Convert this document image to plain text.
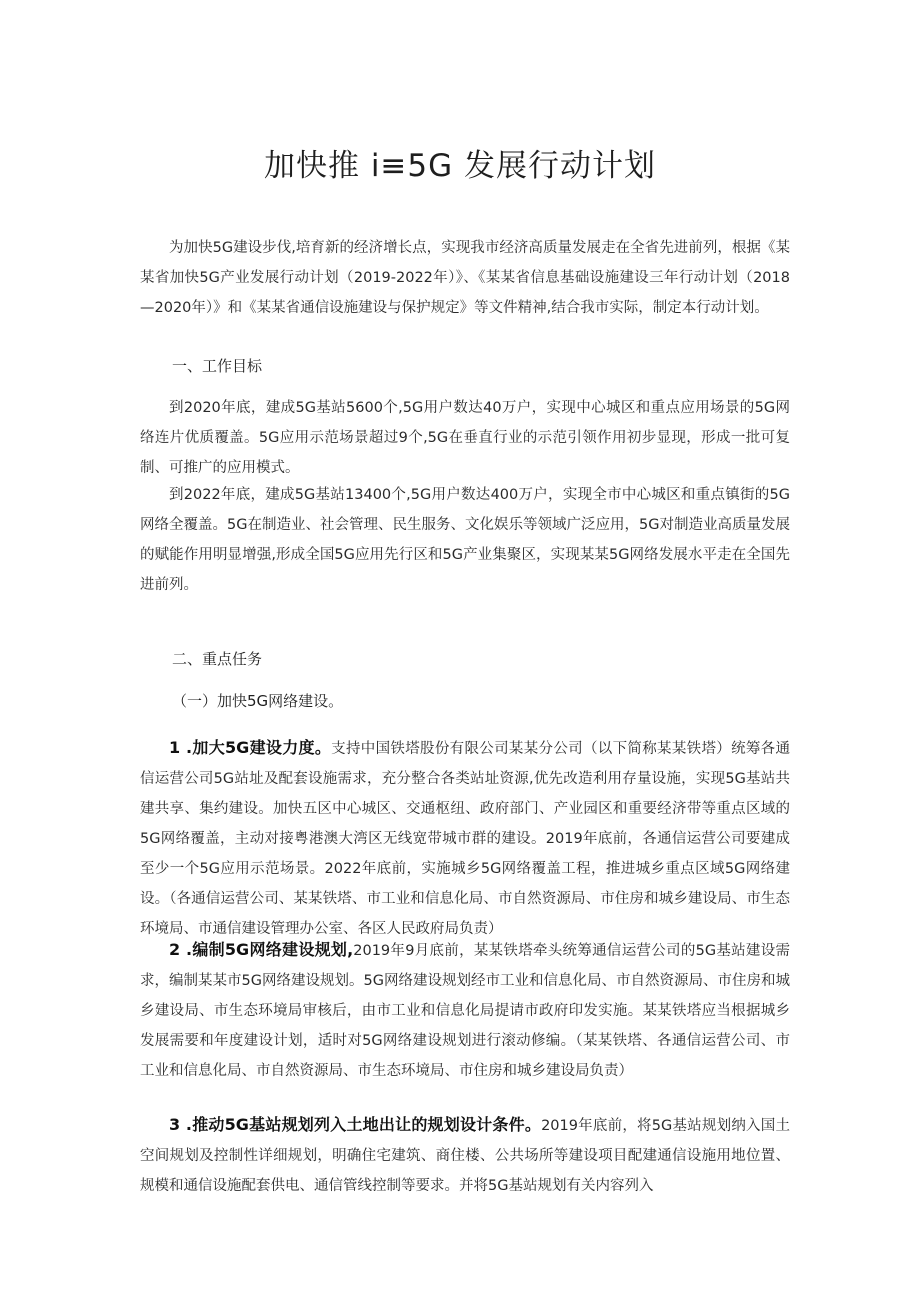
加快推 i≡5G 发展行动计划

为加快5G建设步伐,培育新的经济增长点，实现我市经济高质量发展走在全省先进前列，根据《某某省加快5G产业发展行动计划（2019-2022年）》、《某某省信息基础设施建设三年行动计划（2018—2020年）》和《某某省通信设施建设与保护规定》等文件精神,结合我市实际，制定本行动计划。

一、工作目标

到2020年底，建成5G基站5600个,5G用户数达40万户，实现中心城区和重点应用场景的5G网络连片优质覆盖。5G应用示范场景超过9个,5G在垂直行业的示范引领作用初步显现，形成一批可复制、可推广的应用模式。

到2022年底，建成5G基站13400个,5G用户数达400万户，实现全市中心城区和重点镇街的5G网络全覆盖。5G在制造业、社会管理、民生服务、文化娱乐等领域广泛应用，5G对制造业高质量发展的赋能作用明显增强,形成全国5G应用先行区和5G产业集聚区，实现某某5G网络发展水平走在全国先进前列。

二、重点任务

（一）加快5G网络建设。

1 .加大5G建设力度。支持中国铁塔股份有限公司某某分公司（以下简称某某铁塔）统筹各通信运营公司5G站址及配套设施需求，充分整合各类站址资源,优先改造利用存量设施，实现5G基站共建共享、集约建设。加快五区中心城区、交通枢纽、政府部门、产业园区和重要经济带等重点区域的5G网络覆盖，主动对接粤港澳大湾区无线宽带城市群的建设。2019年底前，各通信运营公司要建成至少一个5G应用示范场景。2022年底前，实施城乡5G网络覆盖工程，推进城乡重点区域5G网络建设。（各通信运营公司、某某铁塔、市工业和信息化局、市自然资源局、市住房和城乡建设局、市生态环境局、市通信建设管理办公室、各区人民政府局负责）

2 .编制5G网络建设规划,2019年9月底前，某某铁塔牵头统筹通信运营公司的5G基站建设需求，编制某某市5G网络建设规划。5G网络建设规划经市工业和信息化局、市自然资源局、市住房和城乡建设局、市生态环境局审核后，由市工业和信息化局提请市政府印发实施。某某铁塔应当根据城乡发展需要和年度建设计划，适时对5G网络建设规划进行滚动修编。（某某铁塔、各通信运营公司、市工业和信息化局、市自然资源局、市生态环境局、市住房和城乡建设局负责）

3 .推动5G基站规划列入土地出让的规划设计条件。2019年底前，将5G基站规划纳入国土空间规划及控制性详细规划，明确住宅建筑、商住楼、公共场所等建设项目配建通信设施用地位置、规模和通信设施配套供电、通信管线控制等要求。并将5G基站规划有关内容列入
